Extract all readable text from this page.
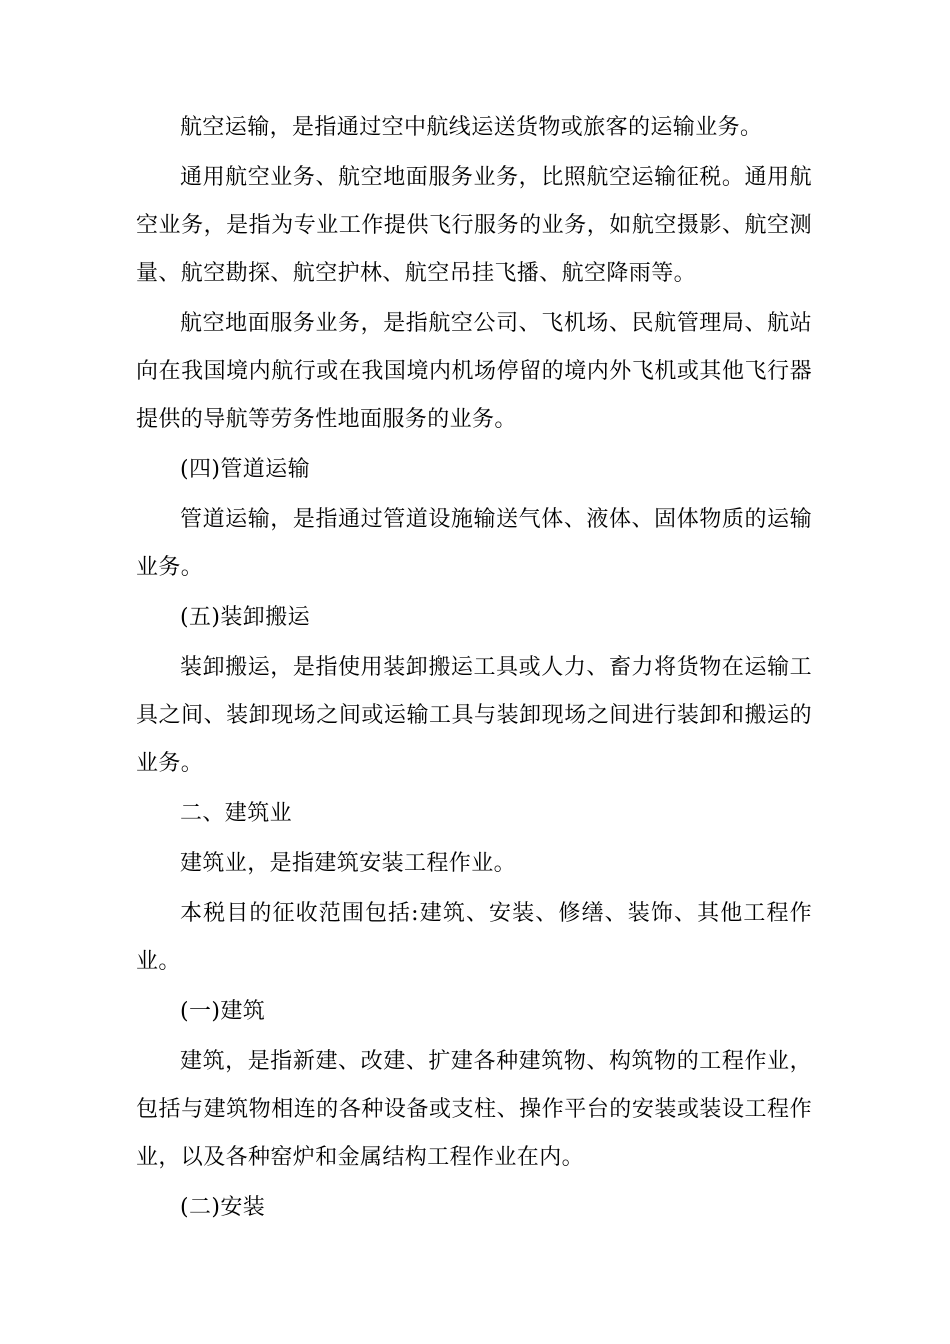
航空运输，是指通过空中航线运送货物或旅客的运输业务。

通用航空业务、航空地面服务业务，比照航空运输征税。通用航空业务，是指为专业工作提供飞行服务的业务，如航空摄影、航空测量、航空勘探、航空护林、航空吊挂飞播、航空降雨等。

航空地面服务业务，是指航空公司、飞机场、民航管理局、航站向在我国境内航行或在我国境内机场停留的境内外飞机或其他飞行器提供的导航等劳务性地面服务的业务。

(四)管道运输

管道运输，是指通过管道设施输送气体、液体、固体物质的运输业务。

(五)装卸搬运

装卸搬运，是指使用装卸搬运工具或人力、畜力将货物在运输工具之间、装卸现场之间或运输工具与装卸现场之间进行装卸和搬运的业务。

二、建筑业

建筑业，是指建筑安装工程作业。

本税目的征收范围包括:建筑、安装、修缮、装饰、其他工程作业。

(一)建筑

建筑，是指新建、改建、扩建各种建筑物、构筑物的工程作业，包括与建筑物相连的各种设备或支柱、操作平台的安装或装设工程作业，以及各种窑炉和金属结构工程作业在内。

(二)安装
